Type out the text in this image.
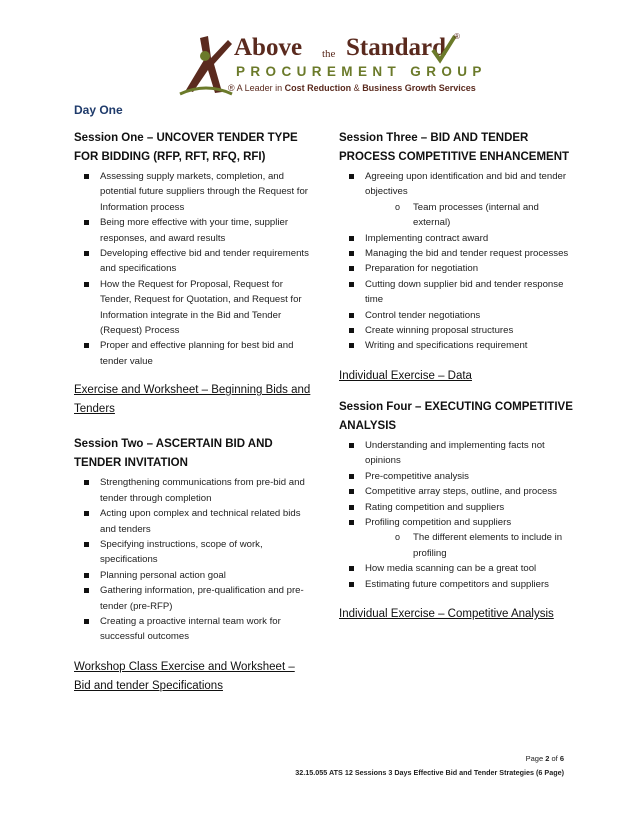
Above the Standard ®
PROCUREMENT GROUP
® A Leader in Cost Reduction & Business Growth Services
Day One

Session One – UNCOVER TENDER TYPE FOR BIDDING (RFP, RFT, RFQ, RFI)

Assessing supply markets, completion, and potential future suppliers through the Request for Information process
Being more effective with your time, supplier responses, and award results
Developing effective bid and tender requirements and specifications
How the Request for Proposal, Request for Tender, Request for Quotation, and Request for Information integrate in the Bid and Tender (Request) Process
Proper and effective planning for best bid and tender value

Exercise and Worksheet – Beginning Bids and Tenders

Session Two – ASCERTAIN BID AND TENDER INVITATION

Strengthening communications from pre-bid and tender through completion
Acting upon complex and technical related bids and tenders
Specifying instructions, scope of work, specifications
Planning personal action goal
Gathering information, pre-qualification and pre-tender (pre-RFP)
Creating a proactive internal team work for successful outcomes

Workshop Class Exercise and Worksheet – Bid and tender Specifications

Session Three – BID AND TENDER PROCESS COMPETITIVE ENHANCEMENT

Agreeing upon identification and bid and tender objectives
o Team processes (internal and external)
Implementing contract award
Managing the bid and tender request processes
Preparation for negotiation
Cutting down supplier bid and tender response time
Control tender negotiations
Create winning proposal structures
Writing and specifications requirement

Individual Exercise – Data

Session Four – EXECUTING COMPETITIVE ANALYSIS

Understanding and implementing facts not opinions
Pre-competitive analysis
Competitive array steps, outline, and process
Rating competition and suppliers
Profiling competition and suppliers
o The different elements to include in profiling
How media scanning can be a great tool
Estimating future competitors and suppliers

Individual Exercise – Competitive Analysis

Page 2 of 6
32.15.055 ATS 12 Sessions 3 Days Effective Bid and Tender Strategies (6 Page)
